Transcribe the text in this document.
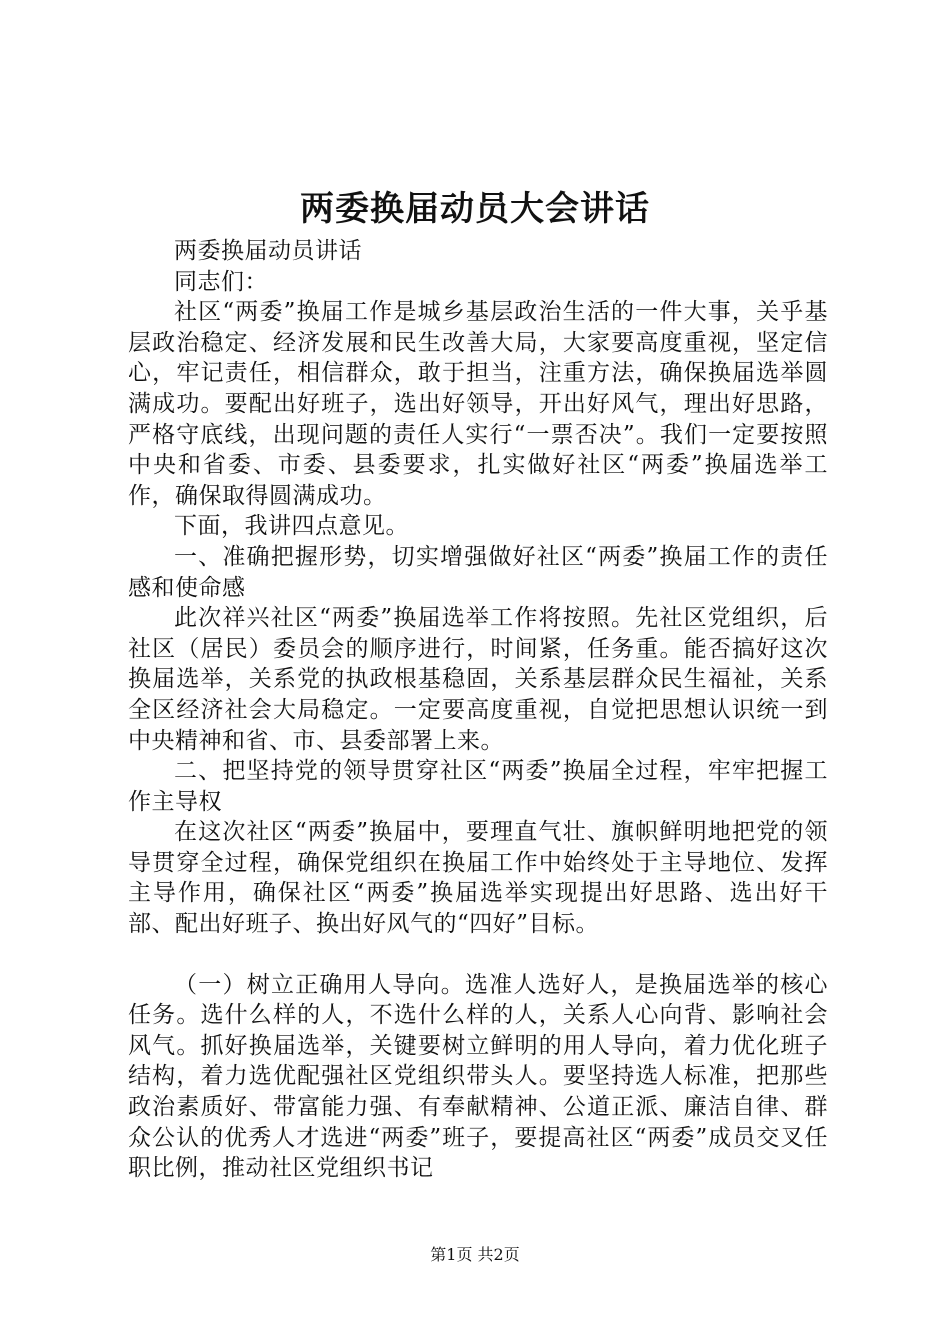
两委换届动员大会讲话

两委换届动员讲话

同志们：

社区“两委”换届工作是城乡基层政治生活的一件大事，关乎基层政治稳定、经济发展和民生改善大局，大家要高度重视，坚定信心，牢记责任，相信群众，敢于担当，注重方法，确保换届选举圆满成功。要配出好班子，选出好领导，开出好风气，理出好思路，严格守底线，出现问题的责任人实行“一票否决”。我们一定要按照中央和省委、市委、县委要求，扎实做好社区“两委”换届选举工作，确保取得圆满成功。

下面，我讲四点意见。

一、准确把握形势，切实增强做好社区“两委”换届工作的责任感和使命感

此次祥兴社区“两委”换届选举工作将按照。先社区党组织，后社区（居民）委员会的顺序进行，时间紧，任务重。能否搞好这次换届选举，关系党的执政根基稳固，关系基层群众民生福祉，关系全区经济社会大局稳定。一定要高度重视，自觉把思想认识统一到中央精神和省、市、县委部署上来。

二、把坚持党的领导贯穿社区“两委”换届全过程，牢牢把握工作主导权

在这次社区“两委”换届中，要理直气壮、旗帜鲜明地把党的领导贯穿全过程，确保党组织在换届工作中始终处于主导地位、发挥主导作用，确保社区“两委”换届选举实现提出好思路、选出好干部、配出好班子、换出好风气的“四好”目标。

（一）树立正确用人导向。选准人选好人，是换届选举的核心任务。选什么样的人，不选什么样的人，关系人心向背、影响社会风气。抓好换届选举，关键要树立鲜明的用人导向，着力优化班子结构，着力选优配强社区党组织带头人。要坚持选人标准，把那些政治素质好、带富能力强、有奉献精神、公道正派、廉洁自律、群众公认的优秀人才选进“两委”班子，要提高社区“两委”成员交叉任职比例，推动社区党组织书记

第1页 共2页
